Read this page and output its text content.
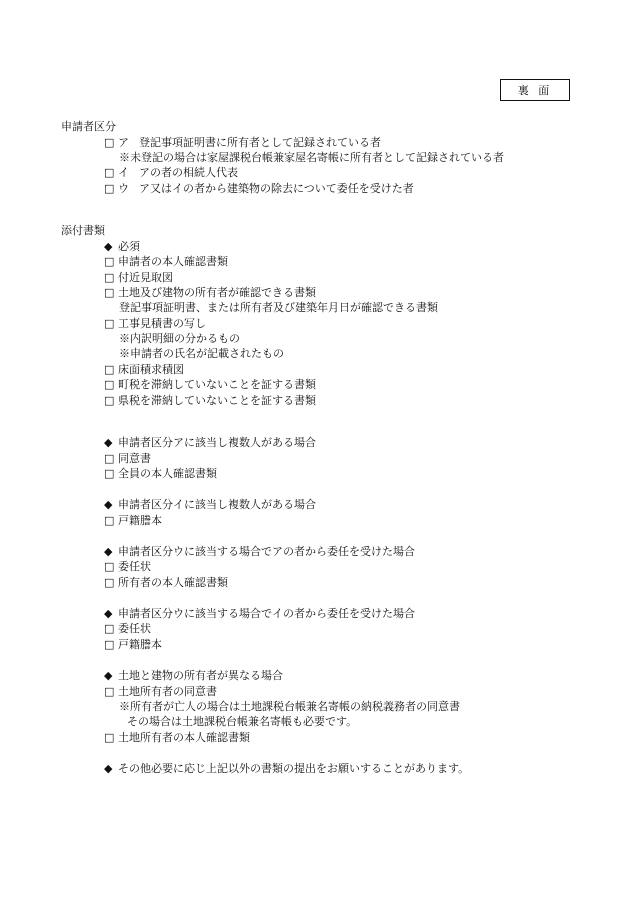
裏 面
申請者区分
□ ア 登記事項証明書に所有者として記録されている者
※未登記の場合は家屋課税台帳兼家屋名寄帳に所有者として記録されている者
□ イ アの者の相続人代表
□ ウ ア又はイの者から建築物の除去について委任を受けた者
添付書類
◆ 必須
□ 申請者の本人確認書類
□ 付近見取図
□ 土地及び建物の所有者が確認できる書類
登記事項証明書、または所有者及び建築年月日が確認できる書類
□ 工事見積書の写し
※内訳明細の分かるもの
※申請者の氏名が記載されたもの
□ 床面積求積図
□ 町税を滞納していないことを証する書類
□ 県税を滞納していないことを証する書類
◆ 申請者区分アに該当し複数人がある場合
□ 同意書
□ 全員の本人確認書類
◆ 申請者区分イに該当し複数人がある場合
□ 戸籍謄本
◆ 申請者区分ウに該当する場合でアの者から委任を受けた場合
□ 委任状
□ 所有者の本人確認書類
◆ 申請者区分ウに該当する場合でイの者から委任を受けた場合
□ 委任状
□ 戸籍謄本
◆ 土地と建物の所有者が異なる場合
□ 土地所有者の同意書
※所有者が亡人の場合は土地課税台帳兼名寄帳の納税義務者の同意書
その場合は土地課税台帳兼名寄帳も必要です。
□ 土地所有者の本人確認書類
◆ その他必要に応じ上記以外の書類の提出をお願いすることがあります。
